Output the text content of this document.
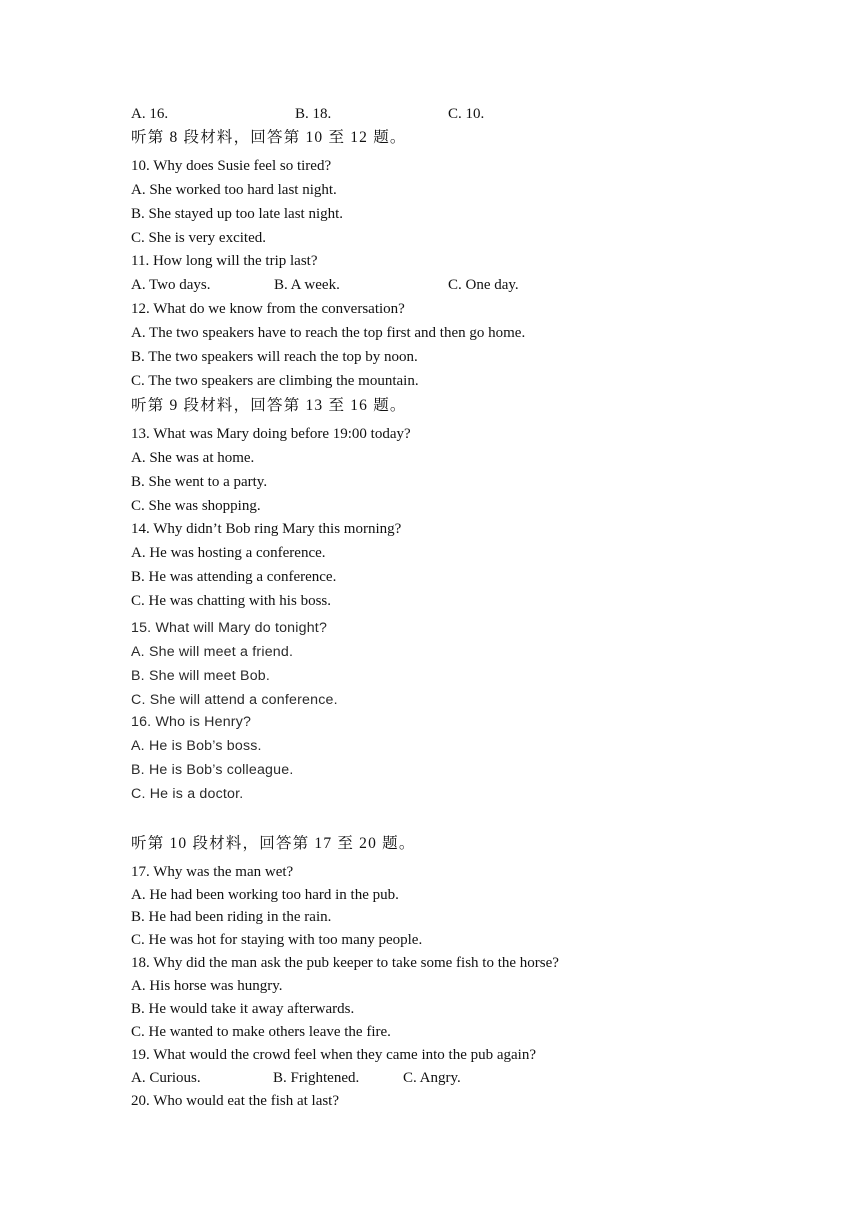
A. 16.	B. 18.	C. 10.
听第 8 段材料，回答第 10 至 12 题。
10. Why does Susie feel so tired?
A. She worked too hard last night.
B. She stayed up too late last night.
C. She is very excited.
11. How long will the trip last?
A. Two days.	B. A week.	C. One day.
12. What do we know from the conversation?
A. The two speakers have to reach the top first and then go home.
B. The two speakers will reach the top by noon.
C. The two speakers are climbing the mountain.
听第 9 段材料，回答第 13 至 16 题。
13. What was Mary doing before 19:00 today?
A. She was at home.
B. She went to a party.
C. She was shopping.
14. Why didn’t Bob ring Mary this morning?
A. He was hosting a conference.
B. He was attending a conference.
C. He was chatting with his boss.
15. What will Mary do tonight?
A. She will meet a friend.
B. She will meet Bob.
C. She will attend a conference.
16. Who is Henry?
A. He is Bob’s boss.
B. He is Bob’s colleague.
C. He is a doctor.
听第 10 段材料，回答第 17 至 20 题。
17. Why was the man wet?
A. He had been working too hard in the pub.
B. He had been riding in the rain.
C. He was hot for staying with too many people.
18. Why did the man ask the pub keeper to take some fish to the horse?
A. His horse was hungry.
B. He would take it away afterwards.
C. He wanted to make others leave the fire.
19. What would the crowd feel when they came into the pub again?
A. Curious.	B. Frightened.	C. Angry.
20. Who would eat the fish at last?
